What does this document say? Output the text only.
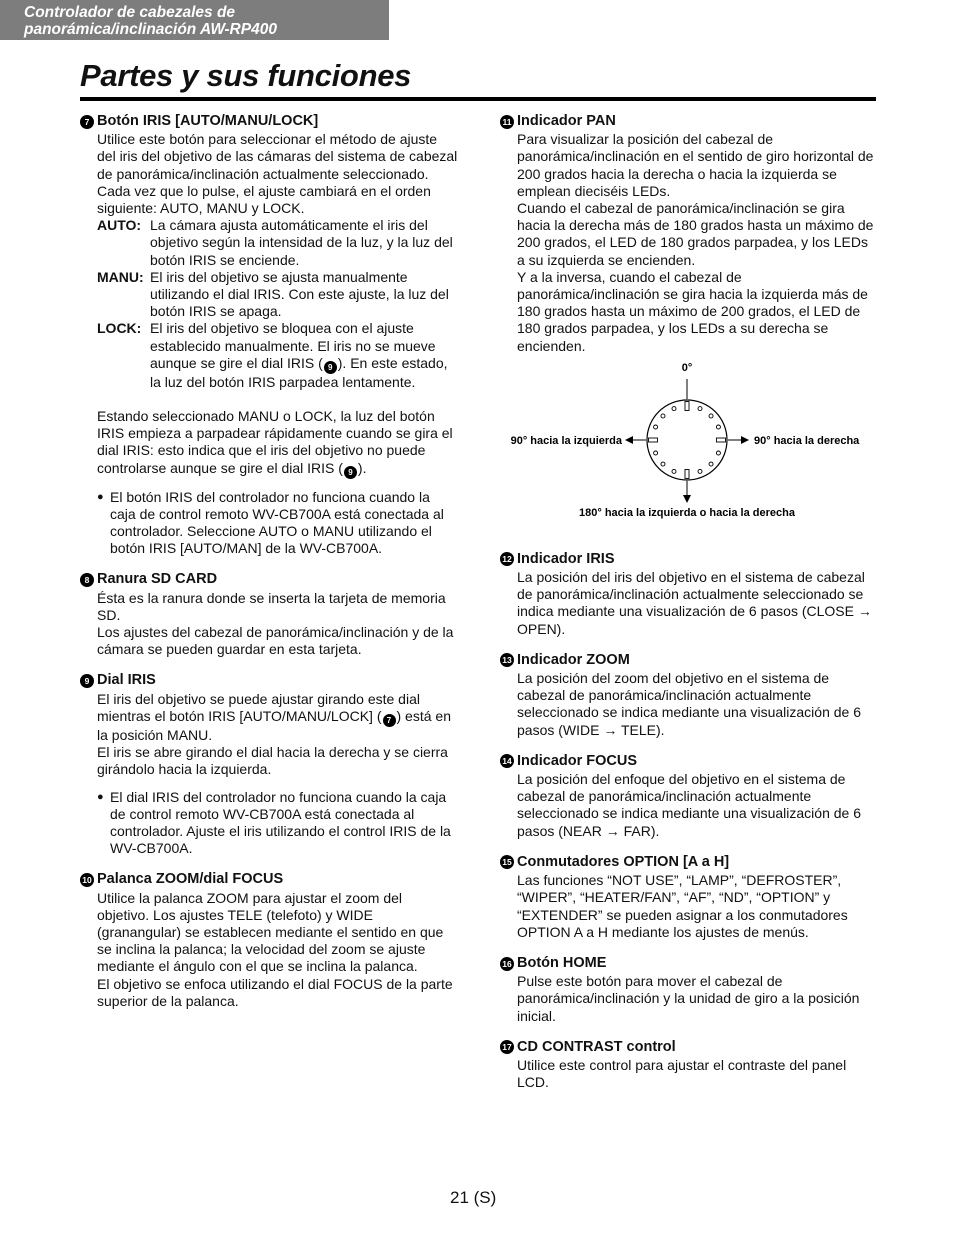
Controlador de cabezales de
panorámica/inclinación AW-RP400
Partes y sus funciones
7 Botón IRIS [AUTO/MANU/LOCK]

Utilice este botón para seleccionar el método de ajuste del iris del objetivo de las cámaras del sistema de cabezal de panorámica/inclinación actualmente seleccionado.

Cada vez que lo pulse, el ajuste cambiará en el orden siguiente: AUTO, MANU y LOCK.

AUTO: La cámara ajusta automáticamente el iris del objetivo según la intensidad de la luz, y la luz del botón IRIS se enciende.
MANU: El iris del objetivo se ajusta manualmente utilizando el dial IRIS. Con este ajuste, la luz del botón IRIS se apaga.
LOCK: El iris del objetivo se bloquea con el ajuste establecido manualmente. El iris no se mueve aunque se gire el dial IRIS ( 9 ). En este estado, la luz del botón IRIS parpadea lentamente.

Estando seleccionado MANU o LOCK, la luz del botón IRIS empieza a parpadear rápidamente cuando se gira el dial IRIS: esto indica que el iris del objetivo no puede controlarse aunque se gire el dial IRIS ( 9 ).

● El botón IRIS del controlador no funciona cuando la caja de control remoto WV-CB700A está conectada al controlador. Seleccione AUTO o MANU utilizando el botón IRIS [AUTO/MAN] de la WV-CB700A.
8 Ranura SD CARD

Ésta es la ranura donde se inserta la tarjeta de memoria SD.

Los ajustes del cabezal de panorámica/inclinación y de la cámara se pueden guardar en esta tarjeta.

9 Dial IRIS

El iris del objetivo se puede ajustar girando este dial mientras el botón IRIS [AUTO/MANU/LOCK] ( 7 ) está en la posición MANU.

El iris se abre girando el dial hacia la derecha y se cierra girándolo hacia la izquierda.

● El dial IRIS del controlador no funciona cuando la caja de control remoto WV-CB700A está conectada al controlador. Ajuste el iris utilizando el control IRIS de la WV-CB700A.
10 Palanca ZOOM/dial FOCUS

Utilice la palanca ZOOM para ajustar el zoom del objetivo. Los ajustes TELE (telefoto) y WIDE (granangular) se establecen mediante el sentido en que se inclina la palanca; la velocidad del zoom se ajuste mediante el ángulo con el que se inclina la palanca.

El objetivo se enfoca utilizando el dial FOCUS de la parte superior de la palanca.

11 Indicador PAN

Para visualizar la posición del cabezal de panorámica/inclinación en el sentido de giro horizontal de 200 grados hacia la derecha o hacia la izquierda se emplean dieciséis LEDs.

Cuando el cabezal de panorámica/inclinación se gira hacia la derecha más de 180 grados hasta un máximo de 200 grados, el LED de 180 grados parpadea, y los LEDs a su izquierda se encienden.

Y a la inversa, cuando el cabezal de panorámica/inclinación se gira hacia la izquierda más de 180 grados hasta un máximo de 200 grados, el LED de 180 grados parpadea, y los LEDs a su derecha se encienden.

0°
90° hacia la izquierda	90° hacia la derecha
180° hacia la izquierda o hacia la derecha
12 Indicador IRIS

La posición del iris del objetivo en el sistema de cabezal de panorámica/inclinación actualmente seleccionado se indica mediante una visualización de 6 pasos (CLOSE → OPEN).

13 Indicador ZOOM

La posición del zoom del objetivo en el sistema de cabezal de panorámica/inclinación actualmente seleccionado se indica mediante una visualización de 6 pasos (WIDE → TELE).

14 Indicador FOCUS

La posición del enfoque del objetivo en el sistema de cabezal de panorámica/inclinación actualmente seleccionado se indica mediante una visualización de 6 pasos (NEAR → FAR).

15 Conmutadores OPTION [A a H]

Las funciones “NOT USE”, “LAMP”, “DEFROSTER”, “WIPER”, “HEATER/FAN”, “AF”, “ND”, “OPTION” y “EXTENDER” se pueden asignar a los conmutadores OPTION A a H mediante los ajustes de menús.

16 Botón HOME

Pulse este botón para mover el cabezal de panorámica/inclinación y la unidad de giro a la posición inicial.

17 CD CONTRAST control

Utilice este control para ajustar el contraste del panel LCD.

21 (S)
